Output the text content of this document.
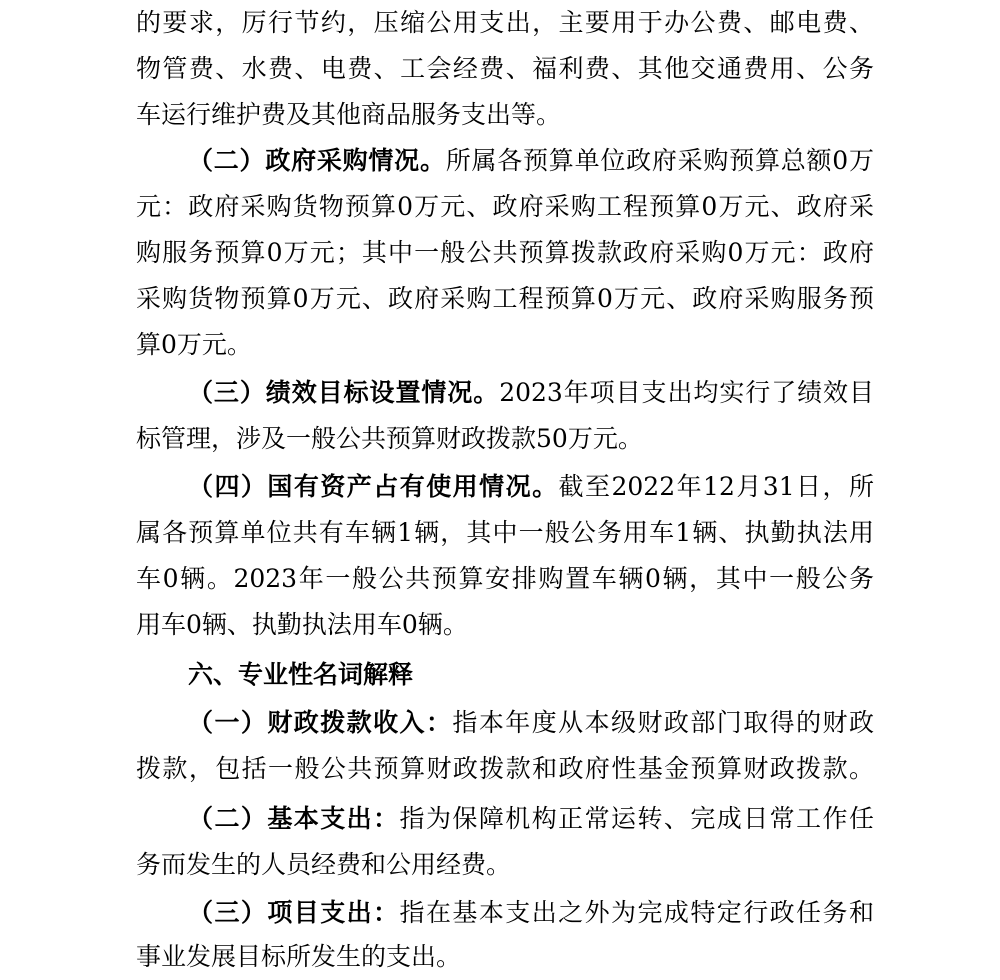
的要求，厉行节约，压缩公用支出，主要用于办公费、邮电费、
物管费、水费、电费、工会经费、福利费、其他交通费用、公务
车运行维护费及其他商品服务支出等。
（二）政府采购情况。所属各预算单位政府采购预算总额0万
元：政府采购货物预算0万元、政府采购工程预算0万元、政府采
购服务预算0万元；其中一般公共预算拨款政府采购0万元：政府
采购货物预算0万元、政府采购工程预算0万元、政府采购服务预
算0万元。
（三）绩效目标设置情况。2023年项目支出均实行了绩效目
标管理，涉及一般公共预算财政拨款50万元。
（四）国有资产占有使用情况。截至2022年12月31日，所
属各预算单位共有车辆1辆，其中一般公务用车1辆、执勤执法用
车0辆。2023年一般公共预算安排购置车辆0辆，其中一般公务
用车0辆、执勤执法用车0辆。
六、专业性名词解释
（一）财政拨款收入：指本年度从本级财政部门取得的财政
拨款，包括一般公共预算财政拨款和政府性基金预算财政拨款。
（二）基本支出：指为保障机构正常运转、完成日常工作任
务而发生的人员经费和公用经费。
（三）项目支出：指在基本支出之外为完成特定行政任务和
事业发展目标所发生的支出。
